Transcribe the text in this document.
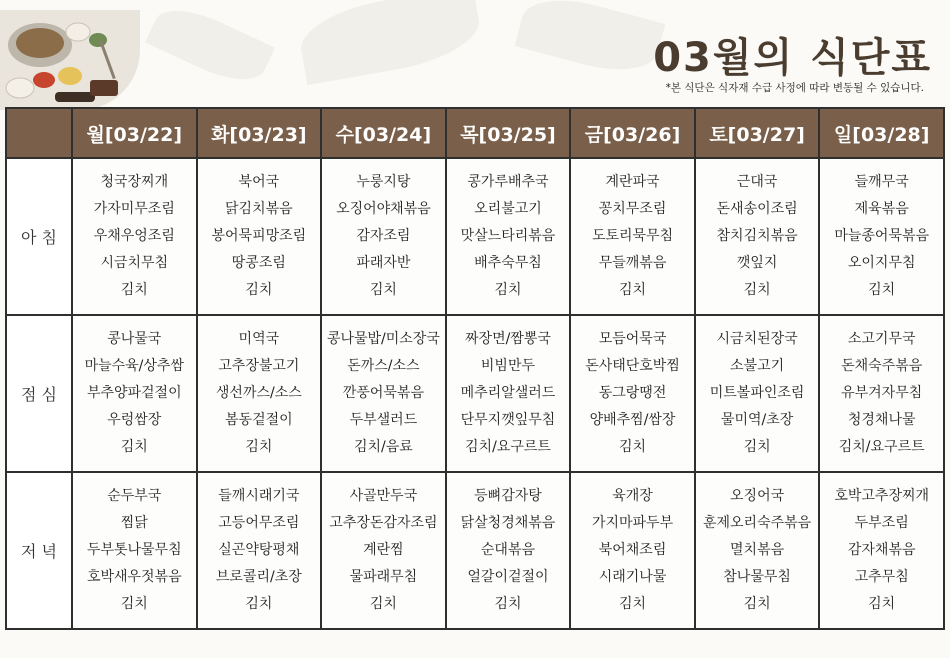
03월의 식단표

*본 식단은 식자재 수급 사정에 따라 변동될 수 있습니다.

	월[03/22]	화[03/23]	수[03/24]	목[03/25]	금[03/26]	토[03/27]	일[03/28]
아 침	청국장찌개
가자미무조림
우채우엉조림
시금치무침
김치	북어국
닭김치볶음
봉어묵피망조림
땅콩조림
김치	누룽지탕
오징어야채볶음
감자조림
파래자반
김치	콩가루배추국
오리불고기
맛살느타리볶음
배추숙무침
김치	계란파국
꽁치무조림
도토리묵무침
무들깨볶음
김치	근대국
돈새송이조림
참치김치볶음
깻잎지
김치	들깨무국
제육볶음
마늘종어묵볶음
오이지무침
김치

점 심	콩나물국
마늘수육/상추쌈
부추양파겉절이
우렁쌈장
김치	미역국
고추장불고기
생선까스/소스
봄동겉절이
김치	콩나물밥/미소장국
돈까스/소스
깐풍어묵볶음
두부샐러드
김치/음료	짜장면/짬뽕국
비빔만두
메추리알샐러드
단무지깻잎무침
김치/요구르트	모듬어묵국
돈사태단호박찜
동그랑땡전
양배추찜/쌈장
김치	시금치된장국
소불고기
미트볼파인조림
물미역/초장
김치	소고기무국
돈채숙주볶음
유부겨자무침
청경채나물
김치/요구르트

저 녁	순두부국
찜닭
두부톳나물무침
호박새우젓볶음
김치	들깨시래기국
고등어무조림
실곤약탕평채
브로콜리/초장
김치	사골만두국
고추장돈감자조림
계란찜
물파래무침
김치	등뼈감자탕
닭살청경채볶음
순대볶음
얼갈이겉절이
김치	육개장
가지마파두부
북어채조림
시래기나물
김치	오징어국
훈제오리숙주볶음
멸치볶음
참나물무침
김치	호박고추장찌개
두부조림
감자채볶음
고추무침
김치
